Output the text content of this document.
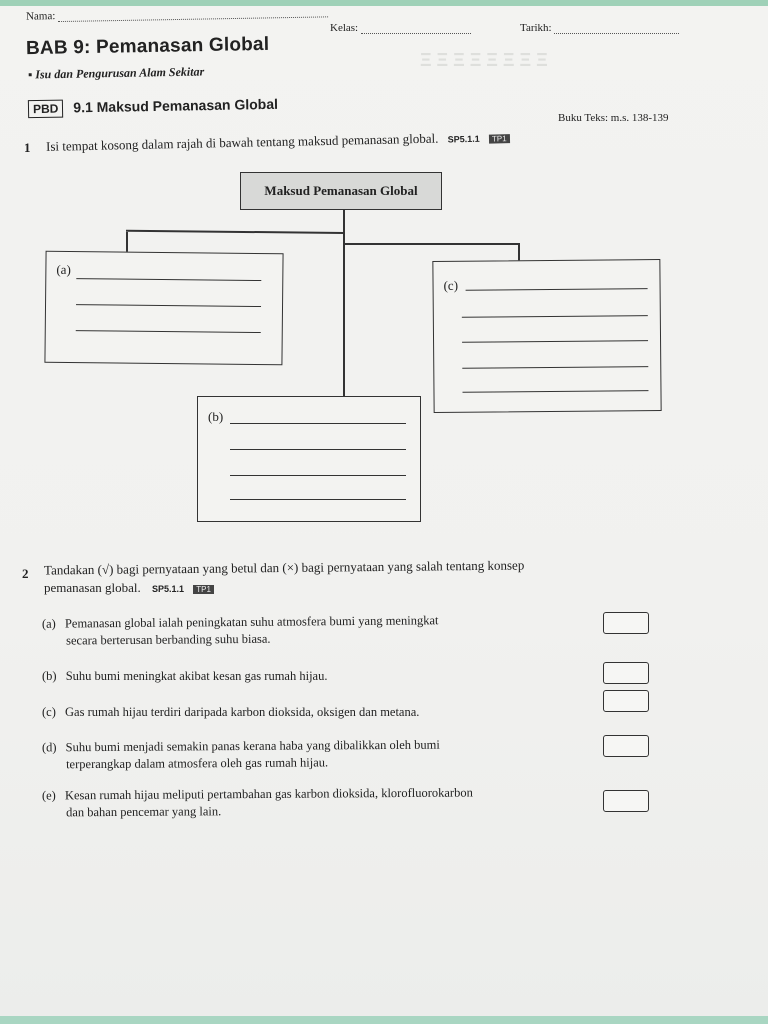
Ξ Ξ Ξ Ξ Ξ Ξ Ξ Ξ
Nama:
Kelas:	Tarikh:
BAB 9: Pemanasan Global
▪ Isu dan Pengurusan Alam Sekitar
PBD 9.1 Maksud Pemanasan Global
Buku Teks: m.s. 138-139
1 Isi tempat kosong dalam rajah di bawah tentang maksud pemanasan global. SP5.1.1 TP1
Maksud Pemanasan Global
(a)
(c)
(b)
2 Tandakan (√) bagi pernyataan yang betul dan (×) bagi pernyataan yang salah tentang konsep
pemanasan global. SP5.1.1 TP1
(a) Pemanasan global ialah peningkatan suhu atmosfera bumi yang meningkat
secara berterusan berbanding suhu biasa.
(b) Suhu bumi meningkat akibat kesan gas rumah hijau.
(c) Gas rumah hijau terdiri daripada karbon dioksida, oksigen dan metana.
(d) Suhu bumi menjadi semakin panas kerana haba yang dibalikkan oleh bumi
terperangkap dalam atmosfera oleh gas rumah hijau.
(e) Kesan rumah hijau meliputi pertambahan gas karbon dioksida, klorofluorokarbon
dan bahan pencemar yang lain.
